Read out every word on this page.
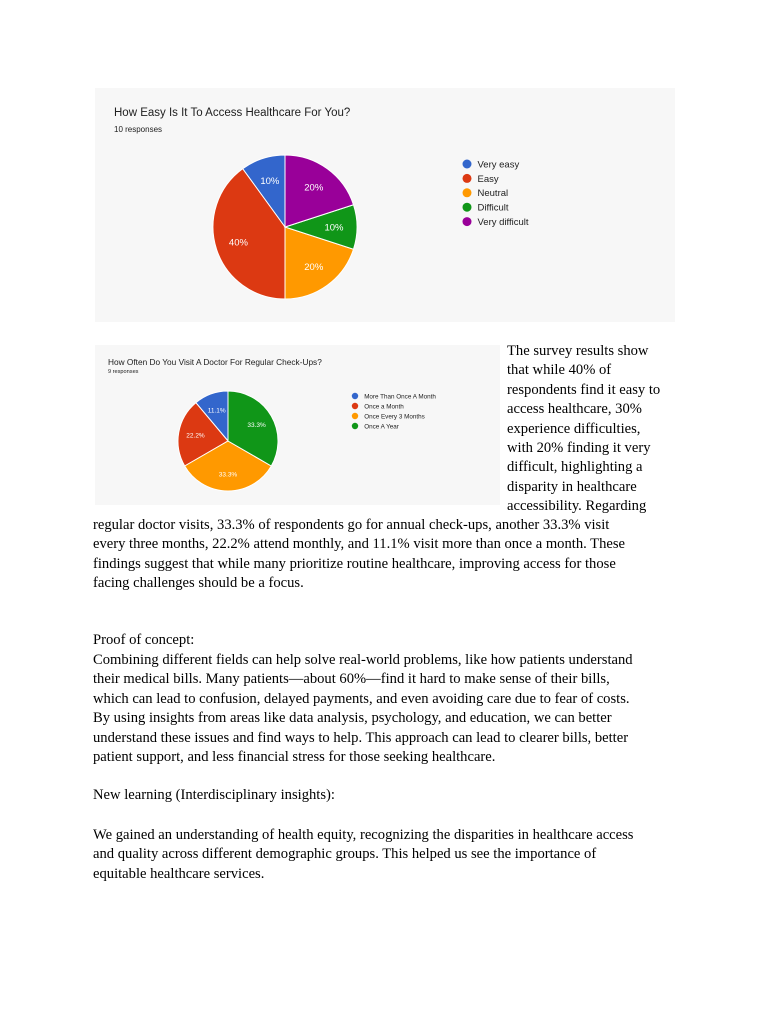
How Easy Is It To Access Healthcare For You?
10 responses
10%
40%
20%
10%
20%
Very easy
Easy
Neutral
Difficult
Very difficult
How Often Do You Visit A Doctor For Regular Check-Ups?
9 responses
11.1%
22.2%
33.3%
33.3%
More Than Once A Month
Once a Month
Once Every 3 Months
Once A Year
The survey results show
that while 40% of
respondents find it easy to
access healthcare, 30%
experience difficulties,
with 20% finding it very
difficult, highlighting a
disparity in healthcare
accessibility. Regarding
regular doctor visits, 33.3% of respondents go for annual check-ups, another 33.3% visit
every three months, 22.2% attend monthly, and 11.1% visit more than once a month. These
findings suggest that while many prioritize routine healthcare, improving access for those
facing challenges should be a focus.
Proof of concept:
Combining different fields can help solve real-world problems, like how patients understand
their medical bills. Many patients—about 60%—find it hard to make sense of their bills,
which can lead to confusion, delayed payments, and even avoiding care due to fear of costs.
By using insights from areas like data analysis, psychology, and education, we can better
understand these issues and find ways to help. This approach can lead to clearer bills, better
patient support, and less financial stress for those seeking healthcare.
New learning (Interdisciplinary insights):
We gained an understanding of health equity, recognizing the disparities in healthcare access
and quality across different demographic groups. This helped us see the importance of
equitable healthcare services.
